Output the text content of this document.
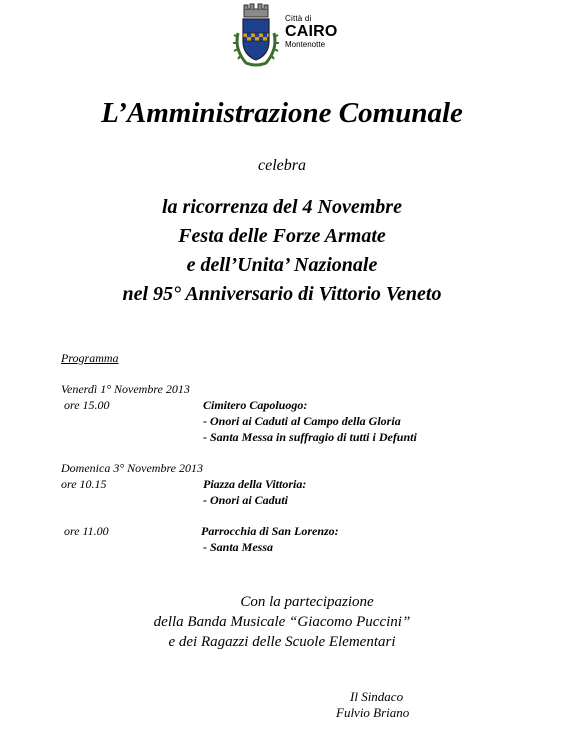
Città di
CAIRO
Montenotte
L’Amministrazione Comunale
celebra
la ricorrenza del 4 Novembre
Festa delle Forze Armate
e dell’Unita’ Nazionale
nel 95° Anniversario di Vittorio Veneto
Programma
Venerdì 1° Novembre 2013
ore 15.00	Cimitero Capoluogo:
- Onori ai Caduti al Campo della Gloria
- Santa Messa in suffragio di tutti i Defunti
Domenica 3° Novembre 2013
ore 10.15	Piazza della Vittoria:
- Onori ai Caduti
ore 11.00	Parrocchia di San Lorenzo:
- Santa Messa
Con la partecipazione
della Banda Musicale “Giacomo Puccini”
e dei Ragazzi delle Scuole Elementari
Il Sindaco
Fulvio Briano
